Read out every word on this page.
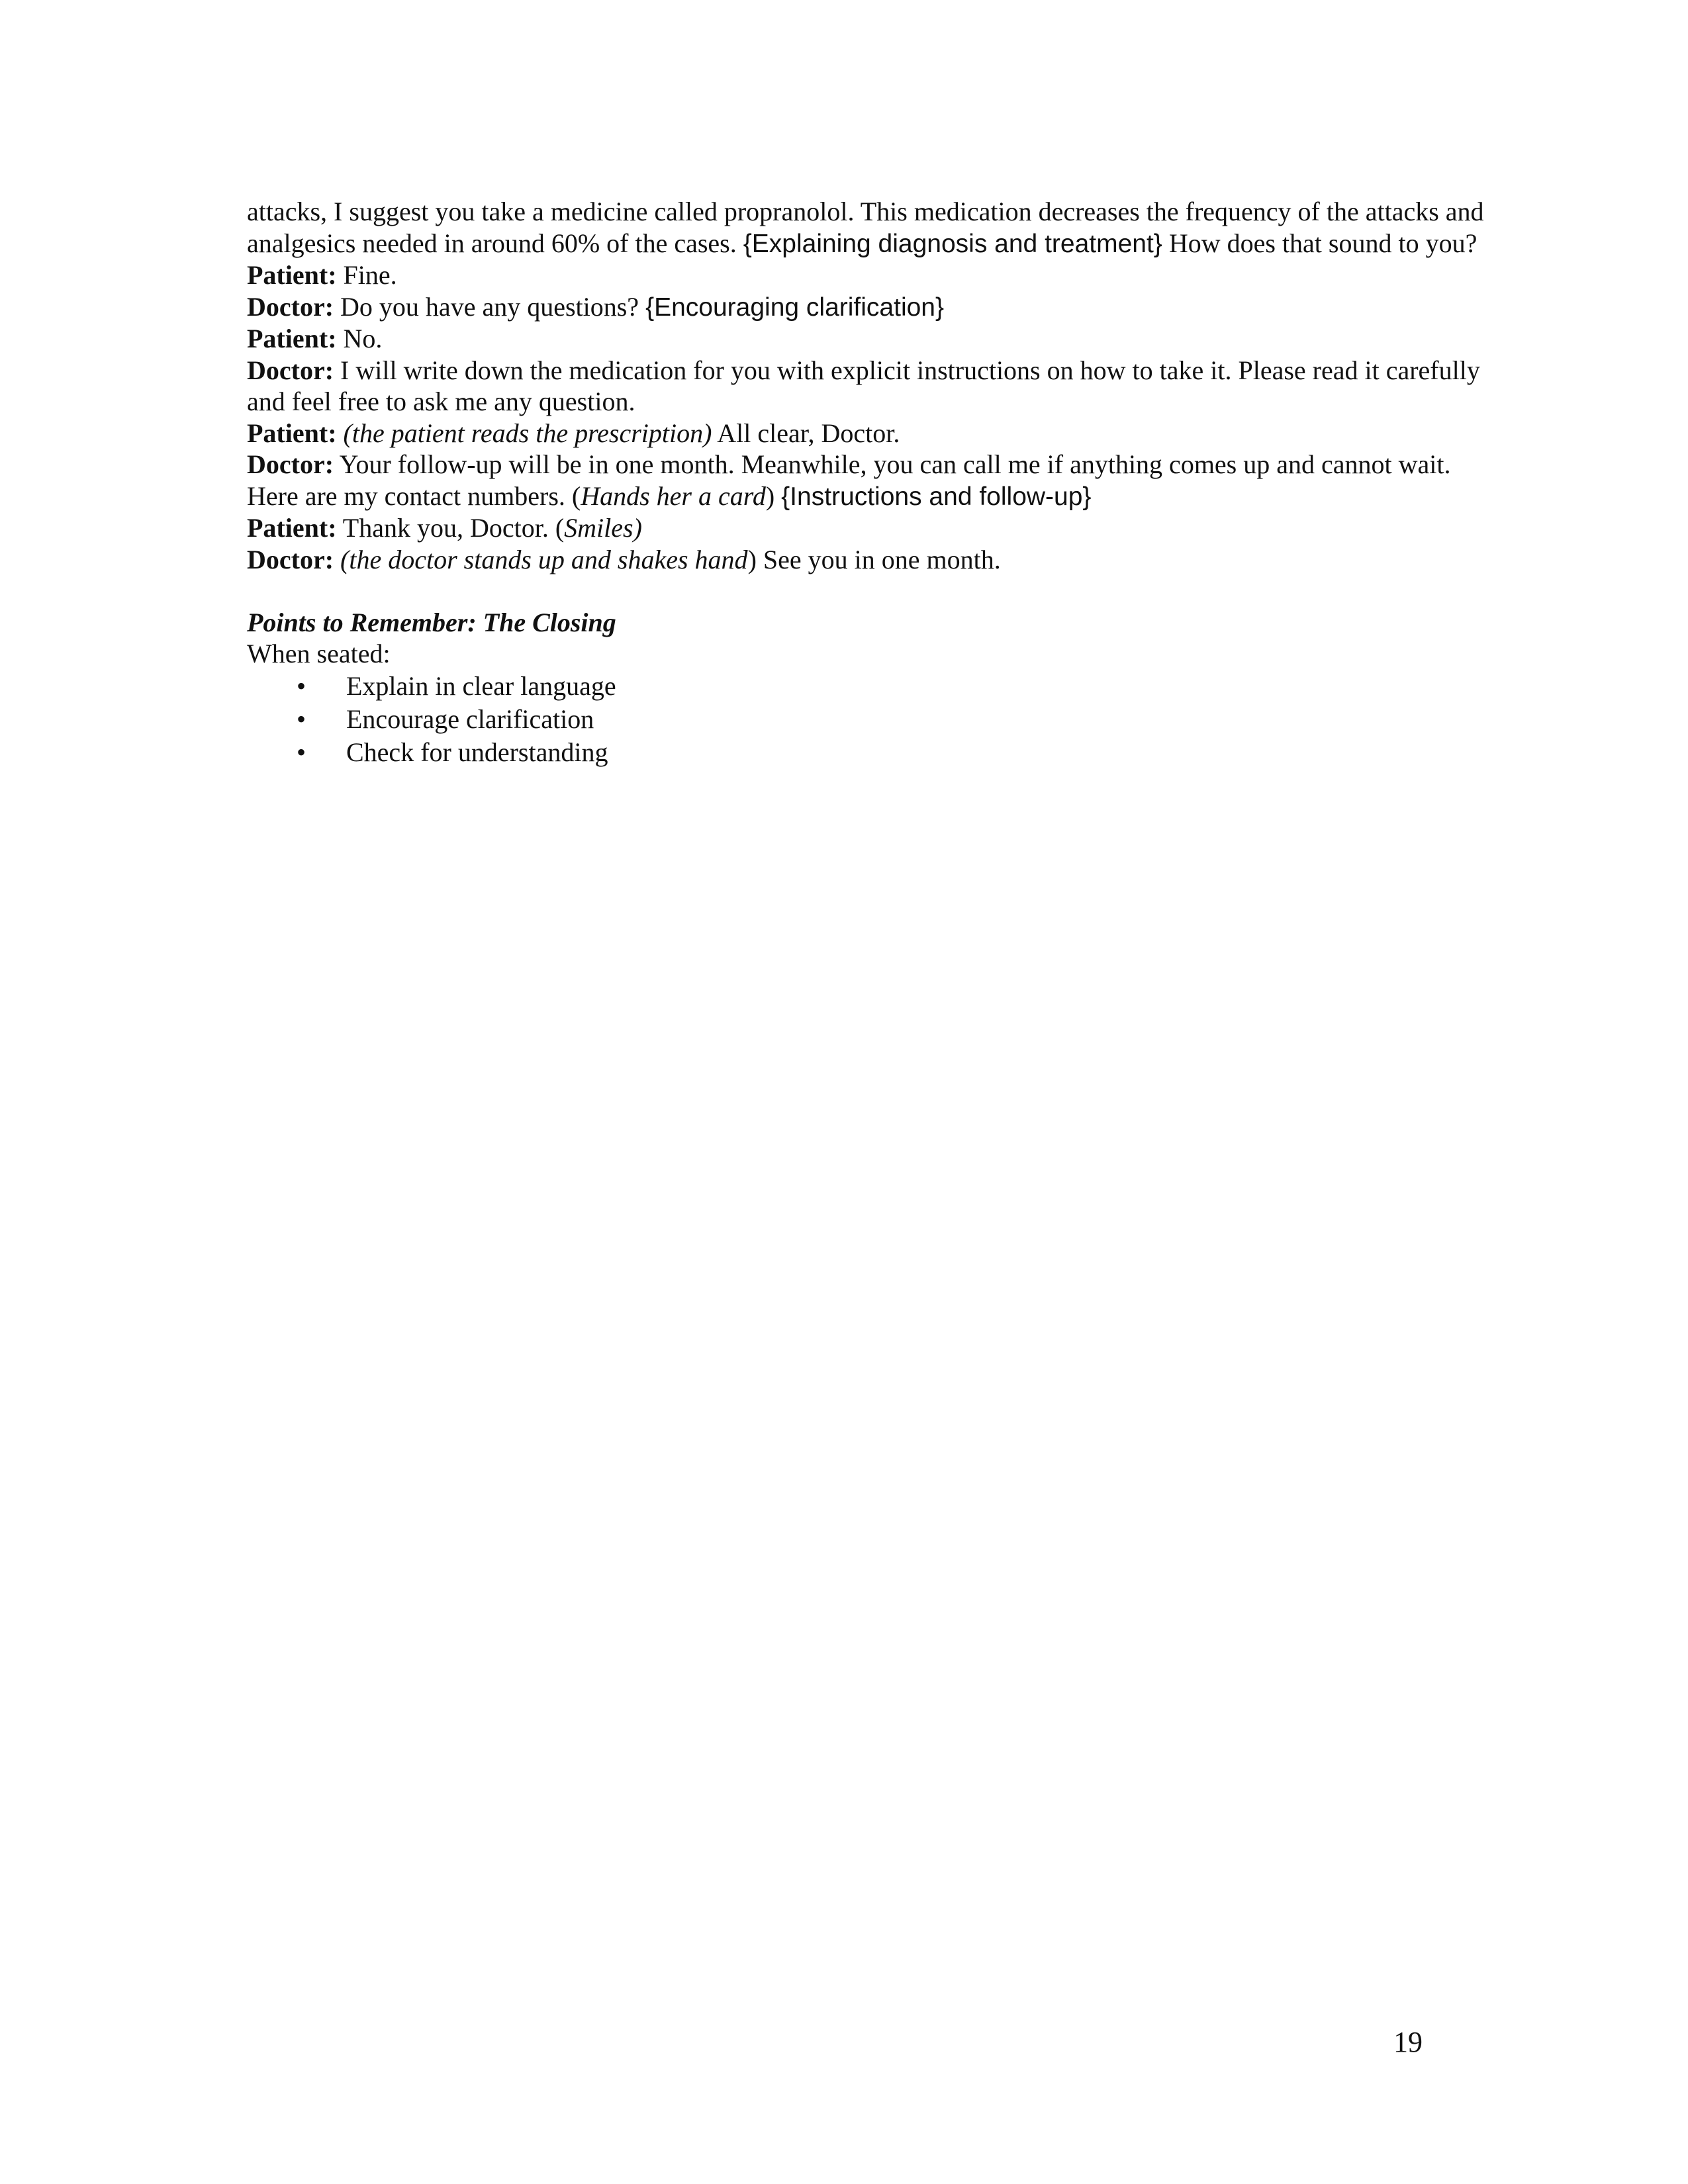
attacks, I suggest you take a medicine called propranolol. This medication decreases the frequency of the attacks and analgesics needed in around 60% of the cases. {Explaining diagnosis and treatment} How does that sound to you?

Patient: Fine.

Doctor: Do you have any questions? {Encouraging clarification}

Patient: No.

Doctor: I will write down the medication for you with explicit instructions on how to take it. Please read it carefully and feel free to ask me any question.

Patient: (the patient reads the prescription) All clear, Doctor.

Doctor: Your follow-up will be in one month. Meanwhile, you can call me if anything comes up and cannot wait. Here are my contact numbers. (Hands her a card) {Instructions and follow-up}

Patient: Thank you, Doctor. (Smiles)

Doctor: (the doctor stands up and shakes hand) See you in one month.

Points to Remember: The Closing

When seated:

• Explain in clear language
• Encourage clarification
• Check for understanding
19
